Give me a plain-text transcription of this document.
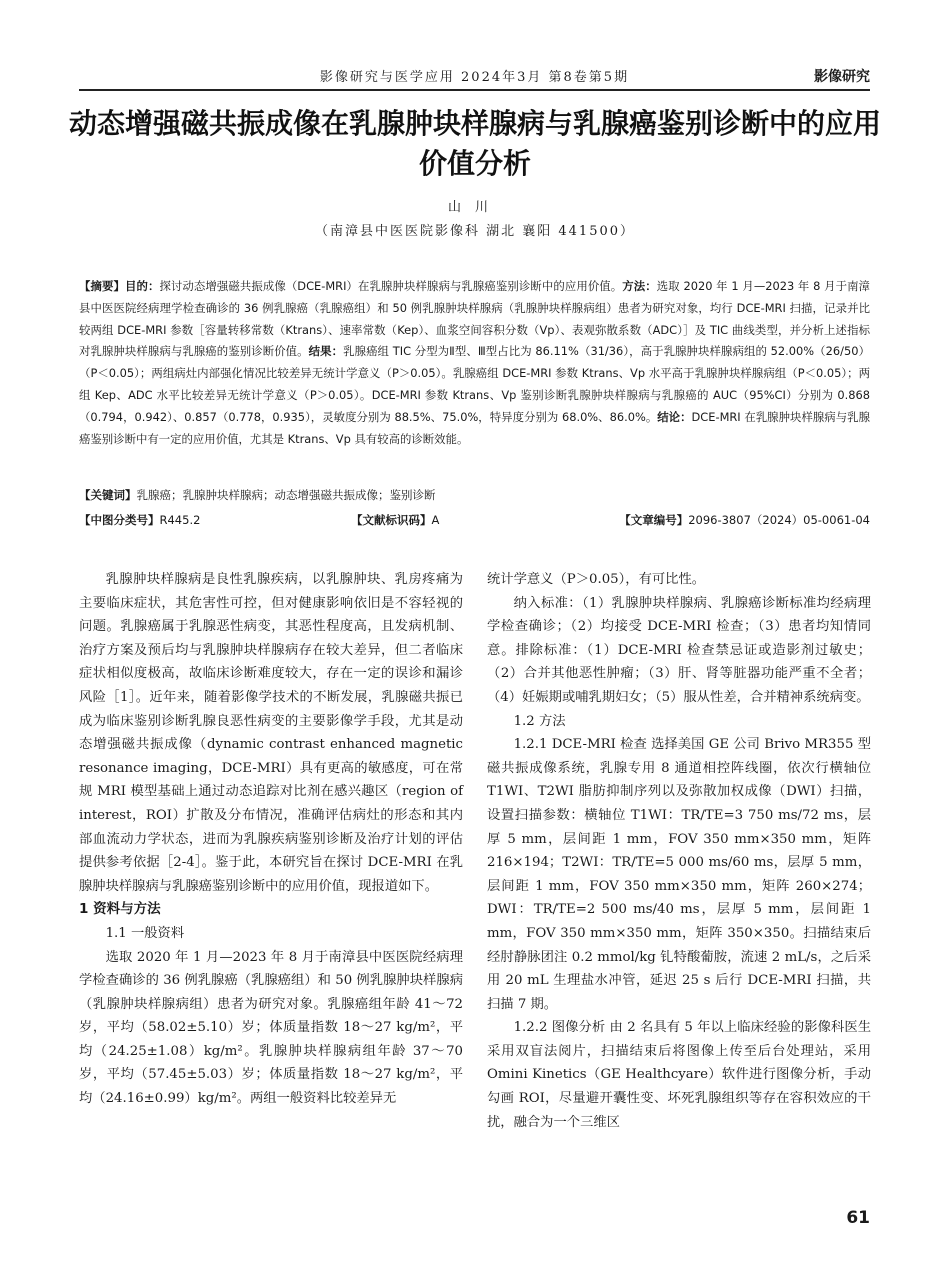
影像研究与医学应用 2024年3月 第8卷第5期	影像研究
动态增强磁共振成像在乳腺肿块样腺病与乳腺癌鉴别诊断中的应用价值分析
山川
（南漳县中医医院影像科 湖北 襄阳 441500）
【摘要】目的：探讨动态增强磁共振成像（DCE-MRI）在乳腺肿块样腺病与乳腺癌鉴别诊断中的应用价值。方法：选取 2020 年 1 月—2023 年 8 月于南漳县中医医院经病理学检查确诊的 36 例乳腺癌（乳腺癌组）和 50 例乳腺肿块样腺病（乳腺肿块样腺病组）患者为研究对象，均行 DCE-MRI 扫描，记录并比较两组 DCE-MRI 参数［容量转移常数（Ktrans）、速率常数（Kep）、血浆空间容积分数（Vp）、表观弥散系数（ADC）］及 TIC 曲线类型，并分析上述指标对乳腺肿块样腺病与乳腺癌的鉴别诊断价值。结果：乳腺癌组 TIC 分型为Ⅱ型、Ⅲ型占比为 86.11%（31/36），高于乳腺肿块样腺病组的 52.00%（26/50）（P＜0.05）；两组病灶内部强化情况比较差异无统计学意义（P＞0.05）。乳腺癌组 DCE-MRI 参数 Ktrans、Vp 水平高于乳腺肿块样腺病组（P＜0.05）；两组 Kep、ADC 水平比较差异无统计学意义（P＞0.05）。DCE-MRI 参数 Ktrans、Vp 鉴别诊断乳腺肿块样腺病与乳腺癌的 AUC（95%CI）分别为 0.868（0.794，0.942）、0.857（0.778，0.935），灵敏度分别为 88.5%、75.0%，特异度分别为 68.0%、86.0%。结论：DCE-MRI 在乳腺肿块样腺病与乳腺癌鉴别诊断中有一定的应用价值，尤其是 Ktrans、Vp 具有较高的诊断效能。
【关键词】乳腺癌；乳腺肿块样腺病；动态增强磁共振成像；鉴别诊断
【中图分类号】R445.2	【文献标识码】A	【文章编号】2096-3807（2024）05-0061-04

乳腺肿块样腺病是良性乳腺疾病，以乳腺肿块、乳房疼痛为主要临床症状，其危害性可控，但对健康影响依旧是不容轻视的问题。乳腺癌属于乳腺恶性病变，其恶性程度高，且发病机制、治疗方案及预后均与乳腺肿块样腺病存在较大差异，但二者临床症状相似度极高，故临床诊断难度较大，存在一定的误诊和漏诊风险［1］。近年来，随着影像学技术的不断发展，乳腺磁共振已成为临床鉴别诊断乳腺良恶性病变的主要影像学手段，尤其是动态增强磁共振成像（dynamic contrast enhanced magnetic resonance imaging，DCE-MRI）具有更高的敏感度，可在常规 MRI 模型基础上通过动态追踪对比剂在感兴趣区（region of interest，ROI）扩散及分布情况，准确评估病灶的形态和其内部血流动力学状态，进而为乳腺疾病鉴别诊断及治疗计划的评估提供参考依据［2-4］。鉴于此，本研究旨在探讨 DCE-MRI 在乳腺肿块样腺病与乳腺癌鉴别诊断中的应用价值，现报道如下。

1 资料与方法
1.1 一般资料

选取 2020 年 1 月—2023 年 8 月于南漳县中医医院经病理学检查确诊的 36 例乳腺癌（乳腺癌组）和 50 例乳腺肿块样腺病（乳腺肿块样腺病组）患者为研究对象。乳腺癌组年龄 41～72 岁，平均（58.02±5.10）岁；体质量指数 18～27 kg/m²，平均（24.25±1.08）kg/m²。乳腺肿块样腺病组年龄 37～70 岁，平均（57.45±5.03）岁；体质量指数 18～27 kg/m²，平均（24.16±0.99）kg/m²。两组一般资料比较差异无

统计学意义（P＞0.05），有可比性。

纳入标准：（1）乳腺肿块样腺病、乳腺癌诊断标准均经病理学检查确诊；（2）均接受 DCE-MRI 检查；（3）患者均知情同意。排除标准：（1）DCE-MRI 检查禁忌证或造影剂过敏史；（2）合并其他恶性肿瘤；（3）肝、肾等脏器功能严重不全者；（4）妊娠期或哺乳期妇女；（5）服从性差，合并精神系统病变。

1.2 方法

1.2.1 DCE-MRI 检查 选择美国 GE 公司 Brivo MR355 型磁共振成像系统，乳腺专用 8 通道相控阵线圈，依次行横轴位 T1WI、T2WI 脂肪抑制序列以及弥散加权成像（DWI）扫描，设置扫描参数：横轴位 T1WI：TR/TE=3 750 ms/72 ms，层厚 5 mm，层间距 1 mm，FOV 350 mm×350 mm，矩阵 216×194；T2WI：TR/TE=5 000 ms/60 ms，层厚 5 mm，层间距 1 mm，FOV 350 mm×350 mm，矩阵 260×274；DWI：TR/TE=2 500 ms/40 ms，层厚 5 mm，层间距 1 mm，FOV 350 mm×350 mm，矩阵 350×350。扫描结束后经肘静脉团注 0.2 mmol/kg 钆特酸葡胺，流速 2 mL/s，之后采用 20 mL 生理盐水冲管，延迟 25 s 后行 DCE-MRI 扫描，共扫描 7 期。

1.2.2 图像分析 由 2 名具有 5 年以上临床经验的影像科医生采用双盲法阅片，扫描结束后将图像上传至后台处理站，采用 Omini Kinetics（GE Healthcyare）软件进行图像分析，手动勾画 ROI，尽量避开囊性变、坏死乳腺组织等存在容积效应的干扰，融合为一个三维区

61
